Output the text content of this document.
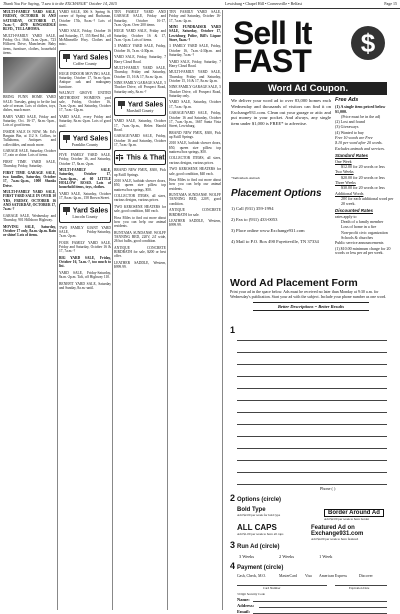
Thank You For Saying, "I saw it in the EXCHANGE" October 14, 2015	Lewisburg • Chapel Hill • Cornersville • Belfast	Page 15

MULTI-FAMILY YARD SALE, FRIDAY, OCTOBER 16 AND SATURDAY, OCTOBER 17, 7a.m.-?, 4070 KINGSRIDGE BLVD., TULLAHOMA.

MULTI-FAMILY YARD SALE, Friday, Oct. 16th, 7a.m.-2p.m., 723 Hillcrest Drive, Manchester. Baby items, furniture, clothes, household items.

BRING FUNN HOME YARD SALE: Tuesday, going to be the last sale of season. Lots of clothes, toys, dishes, much more.

BARN YARD SALE, Friday and Saturday, Oct. 16-17, 8a.m.-3p.m., Lots of good items.

INSIDE SALE IS NOW, Mr. Ed's Bargain Bin, at 112 S. Collins, in Tullahoma, Antiques and collectibles, and much more.

GARAGE SALE, Saturday, October 17, rain or shine. Lots of items.

FIRST TIME YARD SALE, Thursday, Friday, Saturday.

FIRST TIME GARAGE SALE, two families, Saturday, October 17, 7a.m.-2p.m., 1000 Shanks Drive.

MULTI-FAMILY YARD SALE, FIRST YARD SALE IN OVER 10 YRS, FRIDAY, OCTOBER 16 AND SATURDAY, OCTOBER 17, 7a.m.-?

GARAGE SALE, Wednesday and Thursday, 901 Hillsboro Highway.

MOVING SALE, Saturday, October 17 only, 8a.m.-4p.m. Rain or shine! Lots of items.

YARD SALE, 306 S. Spring St. corner of Spring and Buchanan, October 17th, 8a.m.-? Lots of items.

YARD SALE, Friday, October 16 and Saturday, 17, 155 Reed Rd., off McMinnville Hwy. Clothes and misc.

Yard Sales
Coffee County

HUGE INDOOR MOVING SALE, Saturday, October 17, 9a.m.-3p.m. Antique oak and mahogany furniture.

WALNUT GROVE UNITED METHODIST WOMEN'S yard sale, Friday, October 16, 7a.m.-2p.m. and Saturday, October 17, 7a.m.-12p.m.

YARD SALE, every Friday and Saturday, 8a.m.-2p.m. Lots of good stuff.

Yard Sales
Franklin County

FIVE FAMILY YARD SALE, Friday, October 16, and Saturday, October 17, 8a.m.-2p.m.

MULTI-FAMILY SALE, Saturday, October 17, 7a.m.-4p.m., at 60 LITTLE HOLLOW ROAD. Lots of household items, toys, clothes.

YARD SALE, Saturday, October 17, 8a.m.-2p.m., 158 Brown Street.

Yard Sales
Lincoln County

TWO FAMILY GIANT YARD SALE, Friday-Saturday, 7a.m.-2p.m.

FOUR FAMILY YARD SALE, Friday and Saturday, October 16 & 17, 7a.m.-?

BIG YARD SALE, Friday, October 16, 7a.m.-?, too much to list.

YARD SALE, Friday-Saturday, 8a.m.-2p.m. Taft, off Highway 110.

BENEFIT YARD SALE, Saturday and Sunday, 8a.m.-until.

TEN FAMILY YARD AND GARAGE SALE, Friday and Saturday, October 16-17, 7a.m.-2p.m. Over 200 items.

HUGE YARD SALE, Friday and Saturday, October 16 & 17, 7a.m.-1p.m. Lots of items.

3 FAMILY YARD SALE, Friday, October 16, 7a.m.-4:30p.m.

YARD SALE, Friday, Saturday, 7 Harry Cloud Road.

MULTI-FAMILY YARD SALE, Thursday, Friday and Saturday, October 15, 16 & 17, 8a.m.-2p.m.

NINE FAMILY GARAGE SALE, 5 Thacker Drive, off Prospect Road, Saturday only, 8a.m.-?

Yard Sales
Marshall County

YARD SALE, Saturday, October 17, 7a.m.-3p.m., Helen Harold Road.

GARAGE/YARD SALE, Friday, October 16 and Saturday, October 17, 7a.m.-3p.m.

This & That

BRAND NEW FMIX, $300, Pick up Estill Springs.

2010 SALE, bathtub shower doors, $50, queen size pillow top mattress/box springs, $50.

COLLECTOR ITEMS, all sizes, various designs, various prices.

TWO KEROSENE HEATERS for sale, good condition, $40 each.

Hoss Miles to find out more about how you can help our animal residents.

BUNTAMA SUNDANSE WOLFF TANNING BED, 220V, 24' wide, 26 hot bulbs, good condition.

ANTIQUE CONCRETE BIRDBATH for sale, $200 or best offer.

LEATHER SADDLE, Western, $999.99.

TEN FAMILY YARD SALE, Friday and Saturday, October 16-17, 7a.m.-2p.m.

MINI FUNDRAISER YARD SALE, Saturday, October 17, Lewisburg Police, Bill's Liquor Store, 8a.m.-?

3 FAMILY YARD SALE, Friday, October 16, 7a.m.-4:30p.m. and Saturday, 7a.m.-?

YARD SALE, Friday, Saturday, 7 Harry Cloud Road.

MULTI-FAMILY YARD SALE, Thursday, Friday and Saturday, October 15, 16 & 17, 8a.m.-2p.m.

NINE FAMILY GARAGE SALE, 5 Thacker Drive, off Prospect Road, Saturday only.

YARD SALE, Saturday, October 17, 7a.m.-3p.m.

GARAGE/YARD SALE, Friday, October 16 and Saturday, October 17, 7a.m.-3p.m., 1667 Santa Vista Street, Lewisburg.

BRAND NEW FMIX, $300, Pick up Estill Springs.

2010 SALE, bathtub shower doors, $50, queen size pillow top mattress/box springs, $50.

COLLECTOR ITEMS, all sizes, various designs, various prices.

TWO KEROSENE HEATERS for sale, good condition, $40 each.

Hoss Miles to find out more about how you can help our animal residents.

BUNTAMA SUNDANSE WOLFF TANNING BED, 220V, good condition.

ANTIQUE CONCRETE BIRDBATH for sale.

LEATHER SADDLE, Western, $999.99.

Sell It
FAST	$
Word Ad Coupon.
We deliver your word ad to over 83,000 homes each Wednesday and thousands of visitors can find it on Exchange931.com. Clean out your garage or attic and put money in your pocket. And always, any single item under $1,000 is FREE* to advertise.
*Individuals Animals
Placement Options
1) Call (931) 359-1994
2) Fax to (931) 433-0053
3) Place online www.Exchange931.com
4) Mail to P.O. Box 490 Fayetteville, TN 37334
Free Ads
(1) A single item priced below $1,000.
(Price must be in the ad)
(2) Lost and found
(3) Giveaways
(4) Wanted to buy
Free 10 words are Free
$.10 per word after 20 words.
Excludes animals and services.
Standard Rates
One Week
$12.00 for 20 words or less
Two Weeks
$20.00 for 20 words or less
Three Weeks
$30.00 for 20 words or less
Additional Words
20¢ for each additional word per 20 week.
Discounted Rates
rates apply to
Death of a family member
Loss of home in a fire
Non-profit civic organization
Schools & churches
Public service announcements
(1) $10.00 minimum charge for 20 words or less per ad per week.
Word Ad Placement Form
Print your ad in the space below. Ads must be received no later than Monday at 9:30 a.m. for Wednesday's publication. Start your ad with the subject. Include your phone number as one word.
Better Descriptions = Better Results
1
Phone ( )
2 Options (circle)
Bold Type
Add $2.00 per week for bold type	Border Around Ad
Add $2.00 per week to have border
ALL CAPS
Add $1.00 per week to have all caps
Featured Ad on Exchange931.com
Add $4.00 per week to have featured
3 Run Ad (circle)
3 Weeks	2 Weeks	1 Week
4 Payment (circle)
Cash, Check, M.O.	MasterCard Visa American Express	Discover
Card Number	Expiration Date
3 Digit Security Code
Name:
Address:
Email:
